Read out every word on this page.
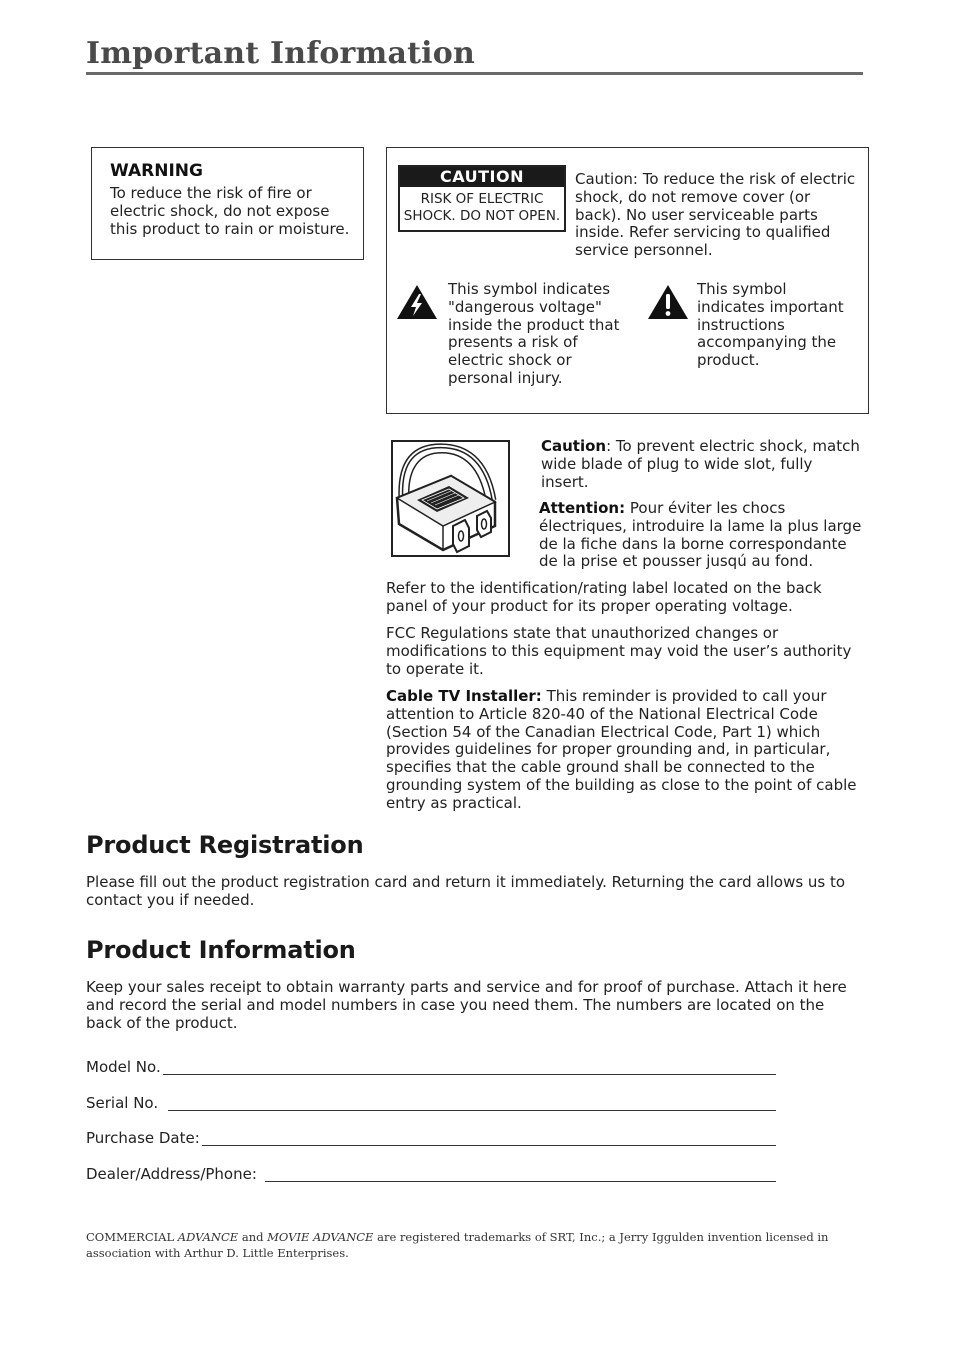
Important Information
WARNING
To reduce the risk of fire or electric shock, do not expose this product to rain or moisture.
CAUTION
RISK OF ELECTRIC
SHOCK. DO NOT OPEN.
Caution: To reduce the risk of electric shock, do not remove cover (or back). No user serviceable parts inside. Refer servicing to qualified service personnel.
This symbol indicates "dangerous voltage" inside the product that presents a risk of electric shock or personal injury.
This symbol indicates important instructions accompanying the product.
Caution: To prevent electric shock, match wide blade of plug to wide slot, fully insert.
Attention: Pour éviter les chocs électriques, introduire la lame la plus large de la fiche dans la borne correspondante de la prise et pousser jusqú au fond.
Refer to the identification/rating label located on the back panel of your product for its proper operating voltage.
FCC Regulations state that unauthorized changes or modifications to this equipment may void the user’s authority to operate it.
Cable TV Installer: This reminder is provided to call your attention to Article 820-40 of the National Electrical Code (Section 54 of the Canadian Electrical Code, Part 1) which provides guidelines for proper grounding and, in particular, specifies that the cable ground shall be connected to the grounding system of the building as close to the point of cable entry as practical.
Product Registration
Please fill out the product registration card and return it immediately. Returning the card allows us to contact you if needed.
Product Information
Keep your sales receipt to obtain warranty parts and service and for proof of purchase. Attach it here and record the serial and model numbers in case you need them. The numbers are located on the back of the product.
Model No.
Serial No.
Purchase Date:
Dealer/Address/Phone:
COMMERCIAL ADVANCE and MOVIE ADVANCE are registered trademarks of SRT, Inc.; a Jerry Iggulden invention licensed in association with Arthur D. Little Enterprises.
